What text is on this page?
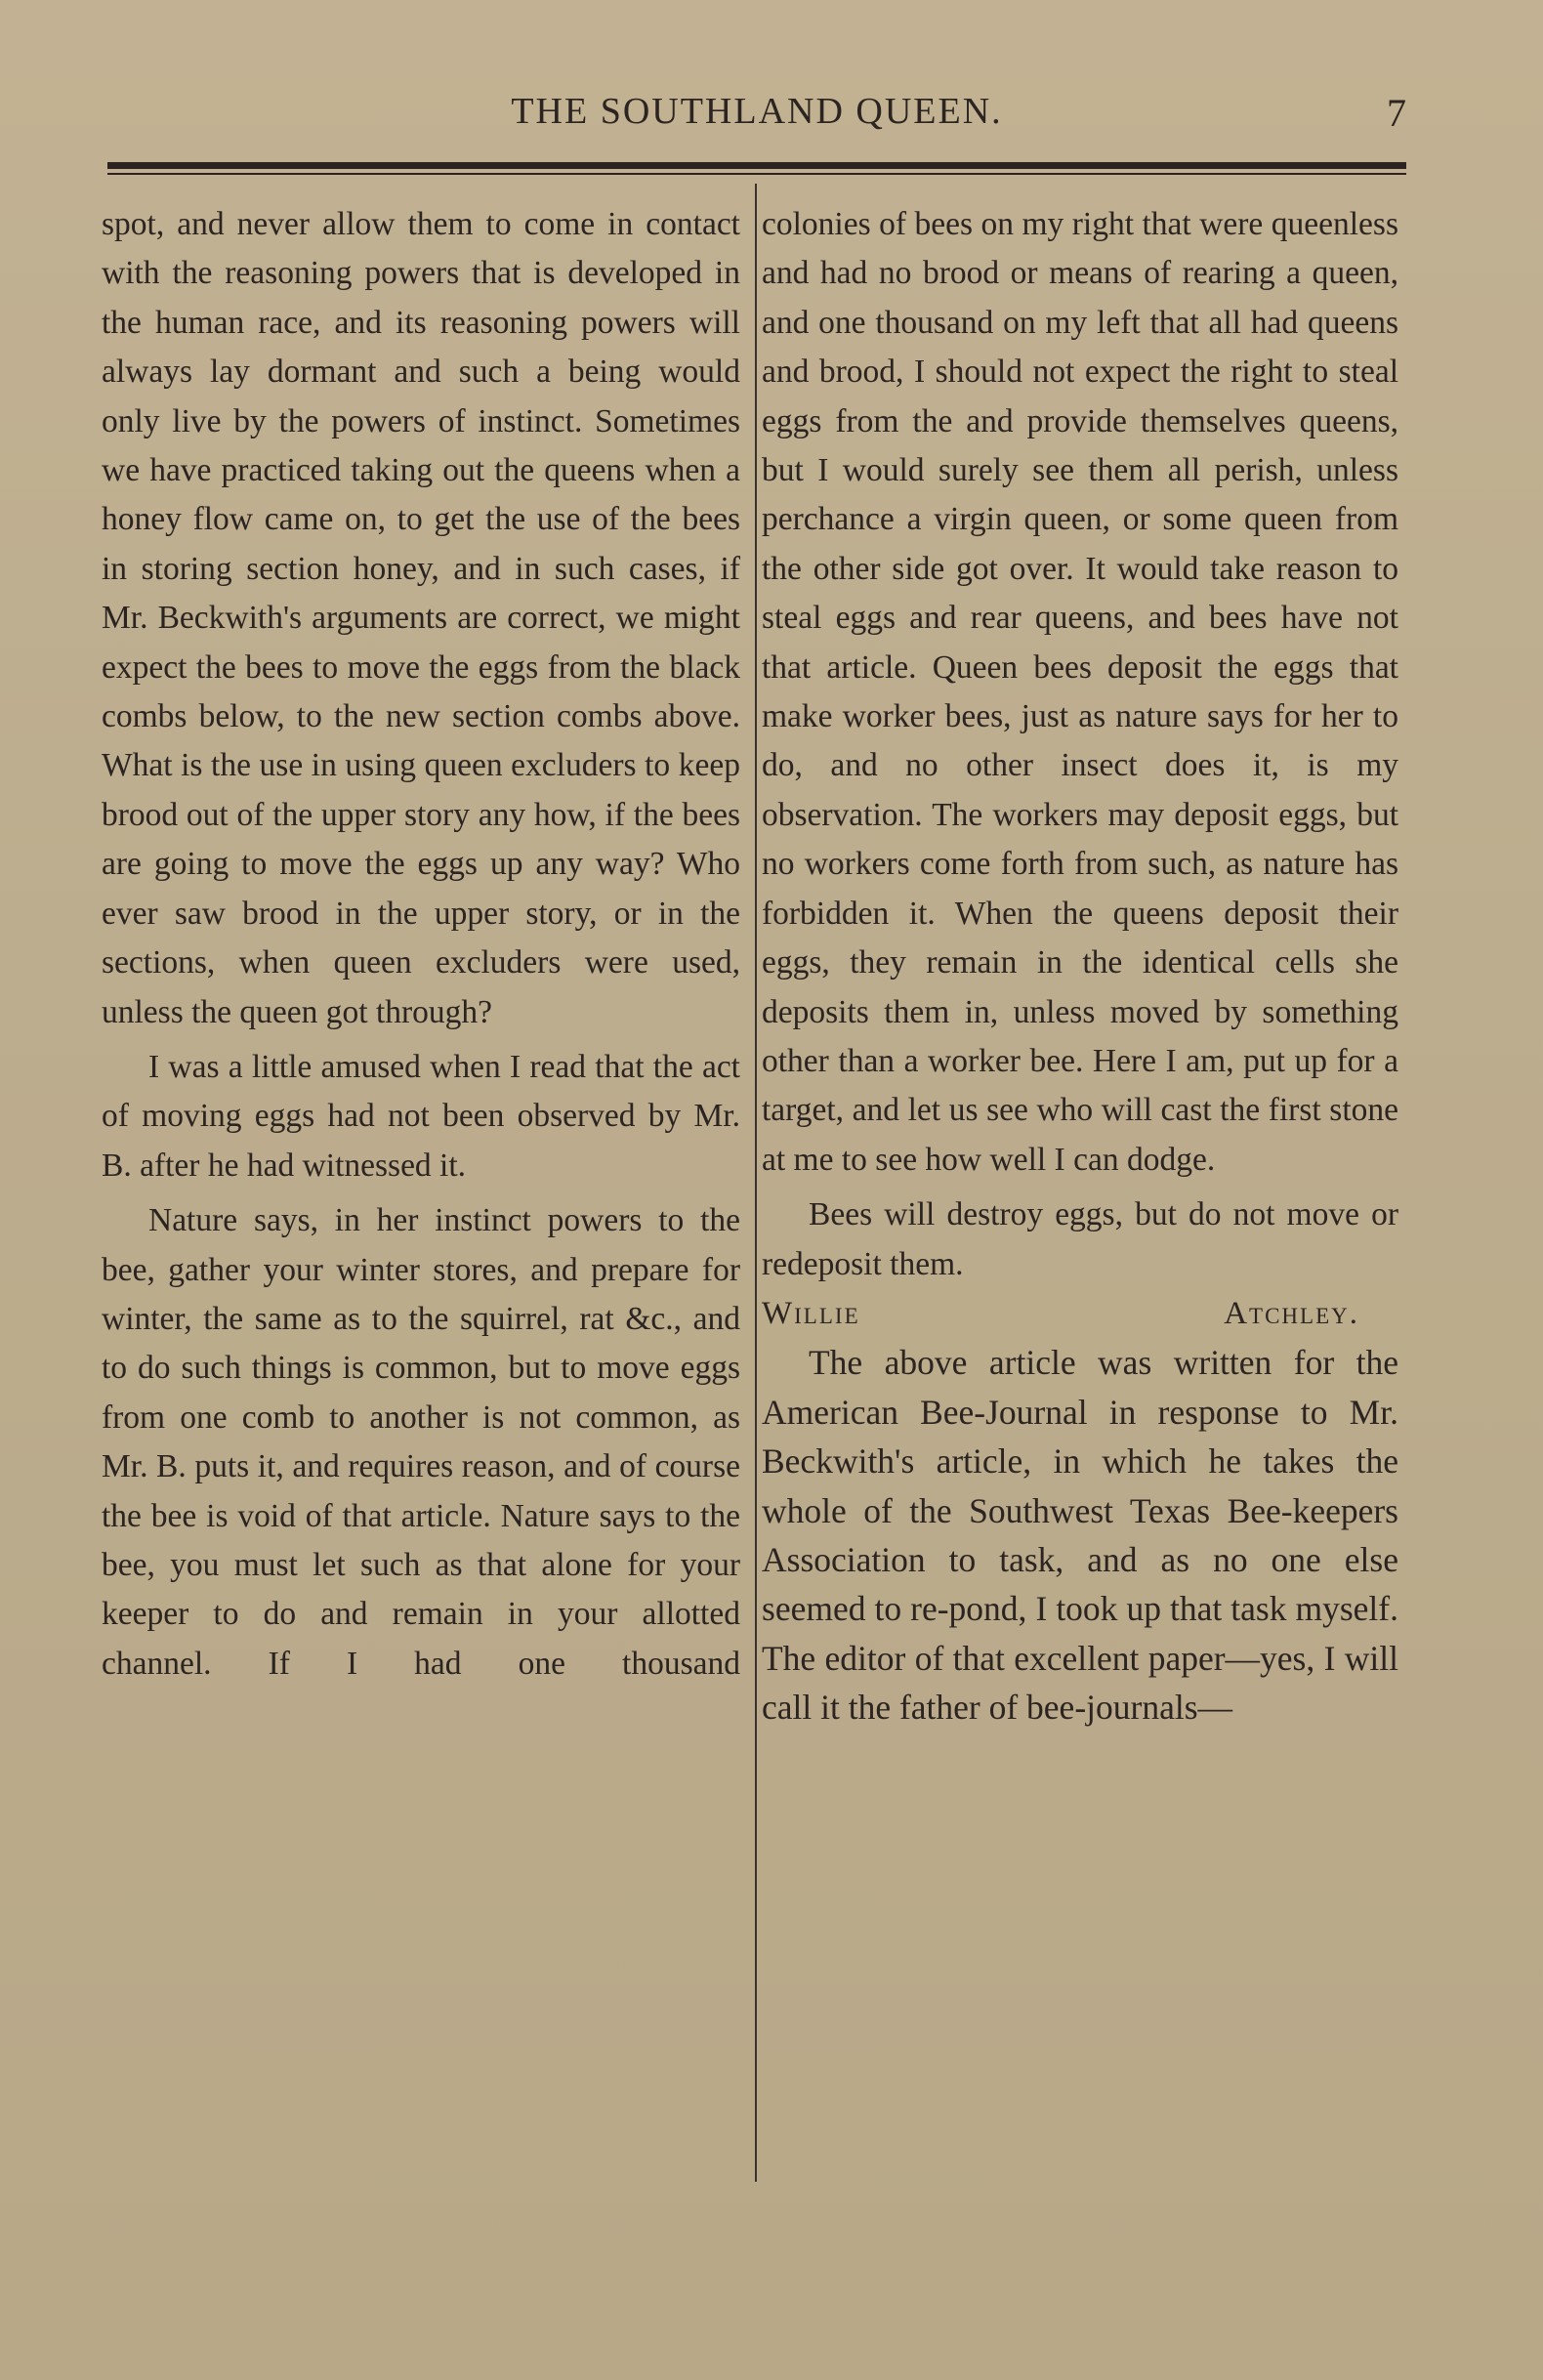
THE SOUTHLAND QUEEN.	7

spot, and never allow them to come in contact with the reasoning powers that is developed in the human race, and its reasoning powers will always lay dormant and such a being would only live by the powers of instinct. Sometimes we have practiced taking out the queens when a honey flow came on, to get the use of the bees in storing section honey, and in such cases, if Mr. Beckwith's arguments are correct, we might expect the bees to move the eggs from the black combs below, to the new section combs above. What is the use in using queen excluders to keep brood out of the upper story any how, if the bees are going to move the eggs up any way? Who ever saw brood in the upper story, or in the sections, when queen excluders were used, unless the queen got through?

I was a little amused when I read that the act of moving eggs had not been observed by Mr. B. after he had witnessed it.

Nature says, in her instinct powers to the bee, gather your winter stores, and prepare for winter, the same as to the squirrel, rat &c., and to do such things is common, but to move eggs from one comb to another is not common, as Mr. B. puts it, and requires reason, and of course the bee is void of that article. Nature says to the bee, you must let such as that alone for your keeper to do and remain in your allotted channel. If I had one thousand

colonies of bees on my right that were queenless and had no brood or means of rearing a queen, and one thousand on my left that all had queens and brood, I should not expect the right to steal eggs from the and provide themselves queens, but I would surely see them all perish, unless perchance a virgin queen, or some queen from the other side got over. It would take reason to steal eggs and rear queens, and bees have not that article. Queen bees deposit the eggs that make worker bees, just as nature says for her to do, and no other insect does it, is my observation. The workers may deposit eggs, but no workers come forth from such, as nature has forbidden it. When the queens deposit their eggs, they remain in the identical cells she deposits them in, unless moved by something other than a worker bee. Here I am, put up for a target, and let us see who will cast the first stone at me to see how well I can dodge.

Bees will destroy eggs, but do not move or redeposit them.

Willie Atchley.

The above article was written for the American Bee-Journal in response to Mr. Beckwith's article, in which he takes the whole of the Southwest Texas Bee-keepers Association to task, and as no one else seemed to re-pond, I took up that task myself. The editor of that excellent paper—yes, I will call it the father of bee-journals—
